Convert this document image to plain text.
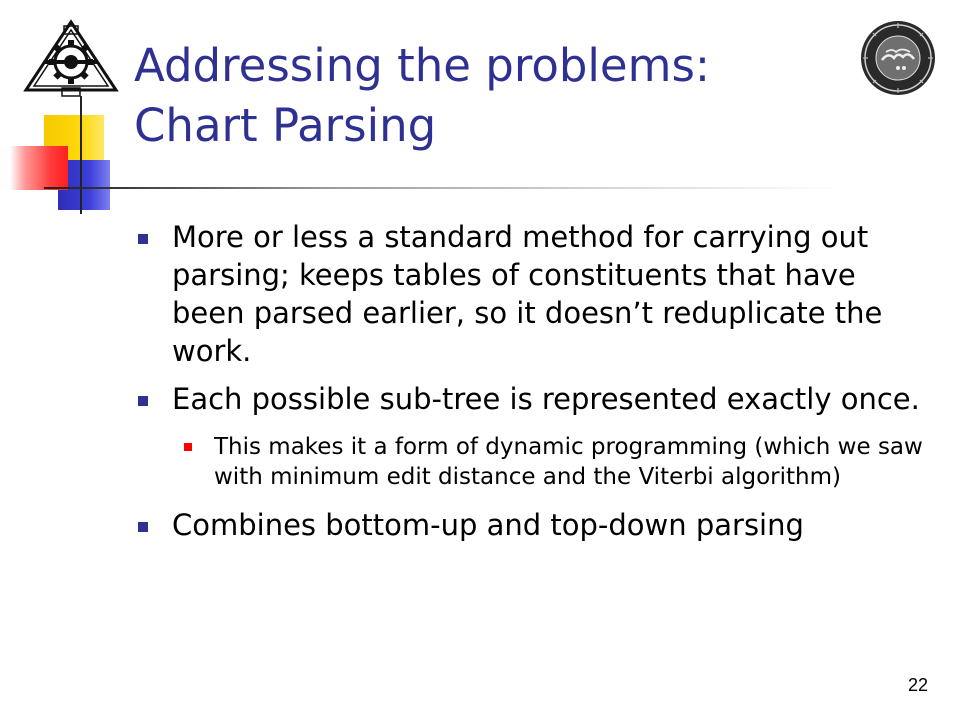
Addressing the problems:
Chart Parsing
More or less a standard method for carrying out parsing; keeps tables of constituents that have been parsed earlier, so it doesn’t reduplicate the work.
Each possible sub-tree is represented exactly once.
This makes it a form of dynamic programming (which we saw with minimum edit distance and the Viterbi algorithm)
Combines bottom-up and top-down parsing
22
